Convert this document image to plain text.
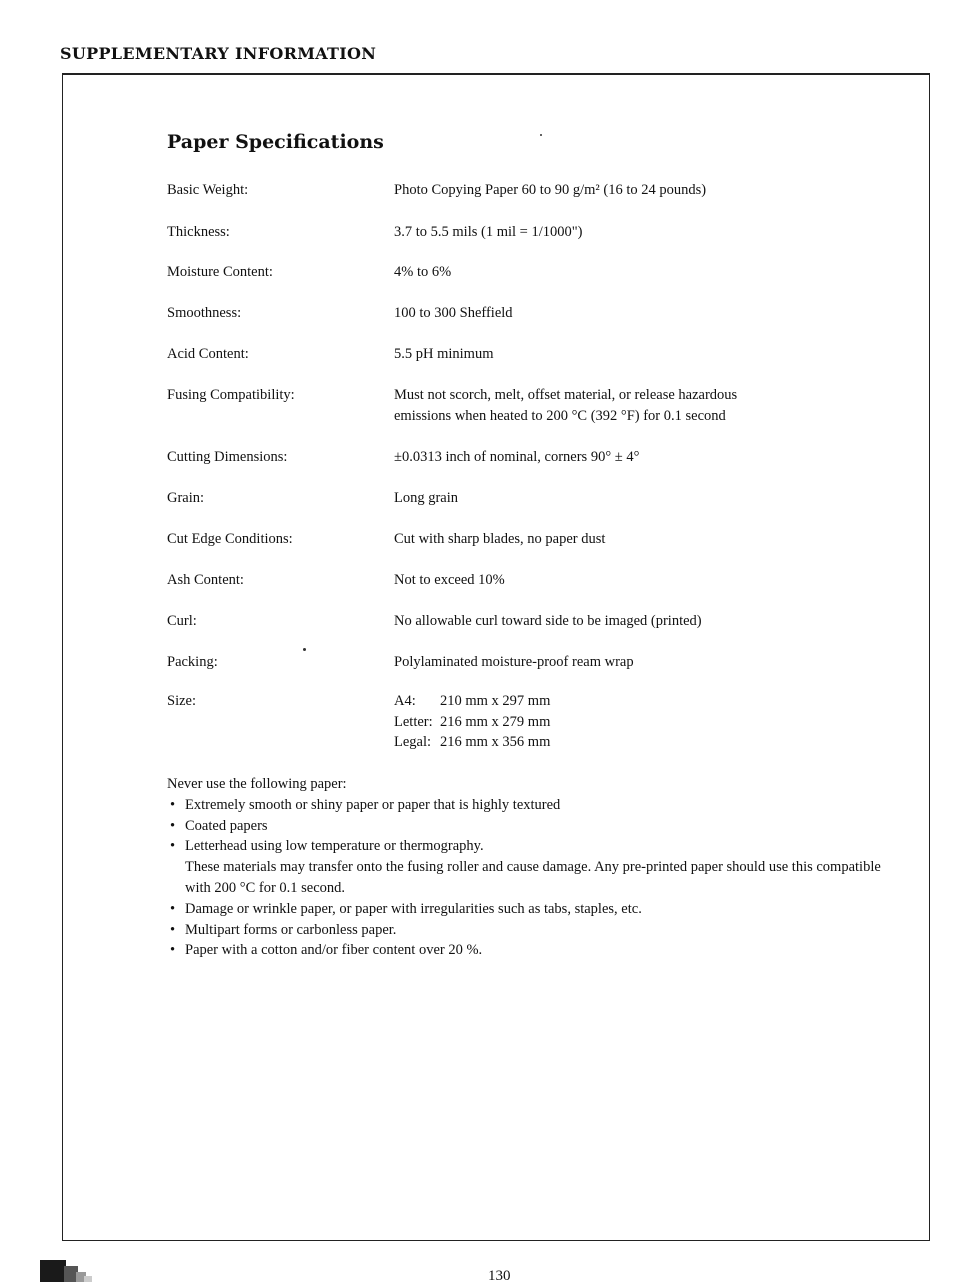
SUPPLEMENTARY INFORMATION
Paper Specifications
Basic Weight:	Photo Copying Paper 60 to 90 g/m² (16 to 24 pounds)
Thickness:	3.7 to 5.5 mils (1 mil = 1/1000")
Moisture Content:	4% to 6%
Smoothness:	100 to 300 Sheffield
Acid Content:	5.5 pH minimum
Fusing Compatibility:	Must not scorch, melt, offset material, or release hazardous
emissions when heated to 200 °C (392 °F) for 0.1 second
Cutting Dimensions:	±0.0313 inch of nominal, corners 90° ± 4°
Grain:	Long grain
Cut Edge Conditions:	Cut with sharp blades, no paper dust
Ash Content:	Not to exceed 10%
Curl:	No allowable curl toward side to be imaged (printed)
Packing:	Polylaminated moisture-proof ream wrap
Size:	A4:	210 mm x 297 mm
Letter:	216 mm x 279 mm
Legal:	216 mm x 356 mm
Never use the following paper:
• Extremely smooth or shiny paper or paper that is highly textured
• Coated papers
• Letterhead using low temperature or thermography.
These materials may transfer onto the fusing roller and cause damage. Any pre-printed paper should use this compatible with 200 °C for 0.1 second.
• Damage or wrinkle paper, or paper with irregularities such as tabs, staples, etc.
• Multipart forms or carbonless paper.
• Paper with a cotton and/or fiber content over 20 %.
130
